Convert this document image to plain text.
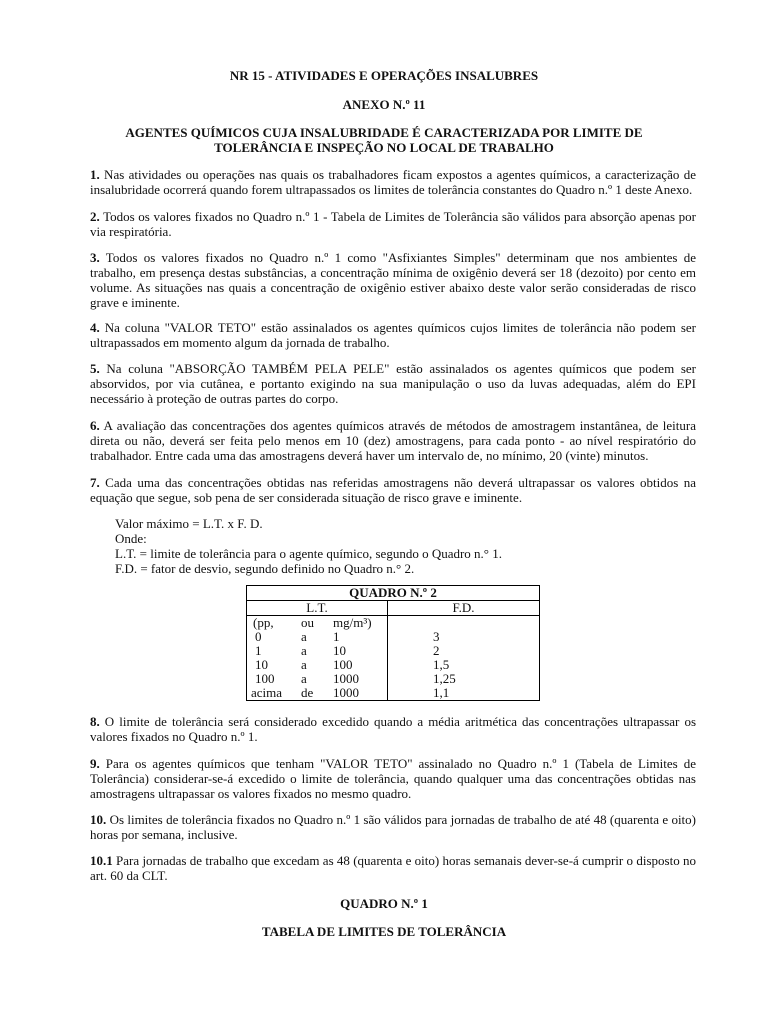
NR 15 - ATIVIDADES E OPERAÇÕES INSALUBRES

ANEXO N.º 11

AGENTES QUÍMICOS CUJA INSALUBRIDADE É CARACTERIZADA POR LIMITE DE

TOLERÂNCIA E INSPEÇÃO NO LOCAL DE TRABALHO

1. Nas atividades ou operações nas quais os trabalhadores ficam expostos a agentes químicos, a caracterização de insalubridade ocorrerá quando forem ultrapassados os limites de tolerância constantes do Quadro n.º 1 deste Anexo.

2. Todos os valores fixados no Quadro n.º 1 - Tabela de Limites de Tolerância são válidos para absorção apenas por via respiratória.

3. Todos os valores fixados no Quadro n.º 1 como "Asfixiantes Simples" determinam que nos ambientes de trabalho, em presença destas substâncias, a concentração mínima de oxigênio deverá ser 18 (dezoito) por cento em volume. As situações nas quais a concentração de oxigênio estiver abaixo deste valor serão consideradas de risco grave e iminente.

4. Na coluna "VALOR TETO" estão assinalados os agentes químicos cujos limites de tolerância não podem ser ultrapassados em momento algum da jornada de trabalho.

5. Na coluna "ABSORÇÃO TAMBÉM PELA PELE" estão assinalados os agentes químicos que podem ser absorvidos, por via cutânea, e portanto exigindo na sua manipulação o uso da luvas adequadas, além do EPI necessário à proteção de outras partes do corpo.

6. A avaliação das concentrações dos agentes químicos através de métodos de amostragem instantânea, de leitura direta ou não, deverá ser feita pelo menos em 10 (dez) amostragens, para cada ponto - ao nível respiratório do trabalhador. Entre cada uma das amostragens deverá haver um intervalo de, no mínimo, 20 (vinte) minutos.

7. Cada uma das concentrações obtidas nas referidas amostragens não deverá ultrapassar os valores obtidos na equação que segue, sob pena de ser considerada situação de risco grave e iminente.

Valor máximo = L.T. x F. D.
Onde:
L.T. = limite de tolerância para o agente químico, segundo o Quadro n.° 1.
F.D. = fator de desvio, segundo definido no Quadro n.° 2.
QUADRO N.º 2	
L.T.	F.D.

(pp, ou mg/m³)	

0 a 1	3

1 a 10	2

10 a 100	1,5

100 a 1000	1,25

acima de 1000	1,1

8. O limite de tolerância será considerado excedido quando a média aritmética das concentrações ultrapassar os valores fixados no Quadro n.º 1.

9. Para os agentes químicos que tenham "VALOR TETO" assinalado no Quadro n.º 1 (Tabela de Limites de Tolerância) considerar-se-á excedido o limite de tolerância, quando qualquer uma das concentrações obtidas nas amostragens ultrapassar os valores fixados no mesmo quadro.

10. Os limites de tolerância fixados no Quadro n.º 1 são válidos para jornadas de trabalho de até 48 (quarenta e oito) horas por semana, inclusive.

10.1 Para jornadas de trabalho que excedam as 48 (quarenta e oito) horas semanais dever-se-á cumprir o disposto no art. 60 da CLT.

QUADRO N.º 1

TABELA DE LIMITES DE TOLERÂNCIA
